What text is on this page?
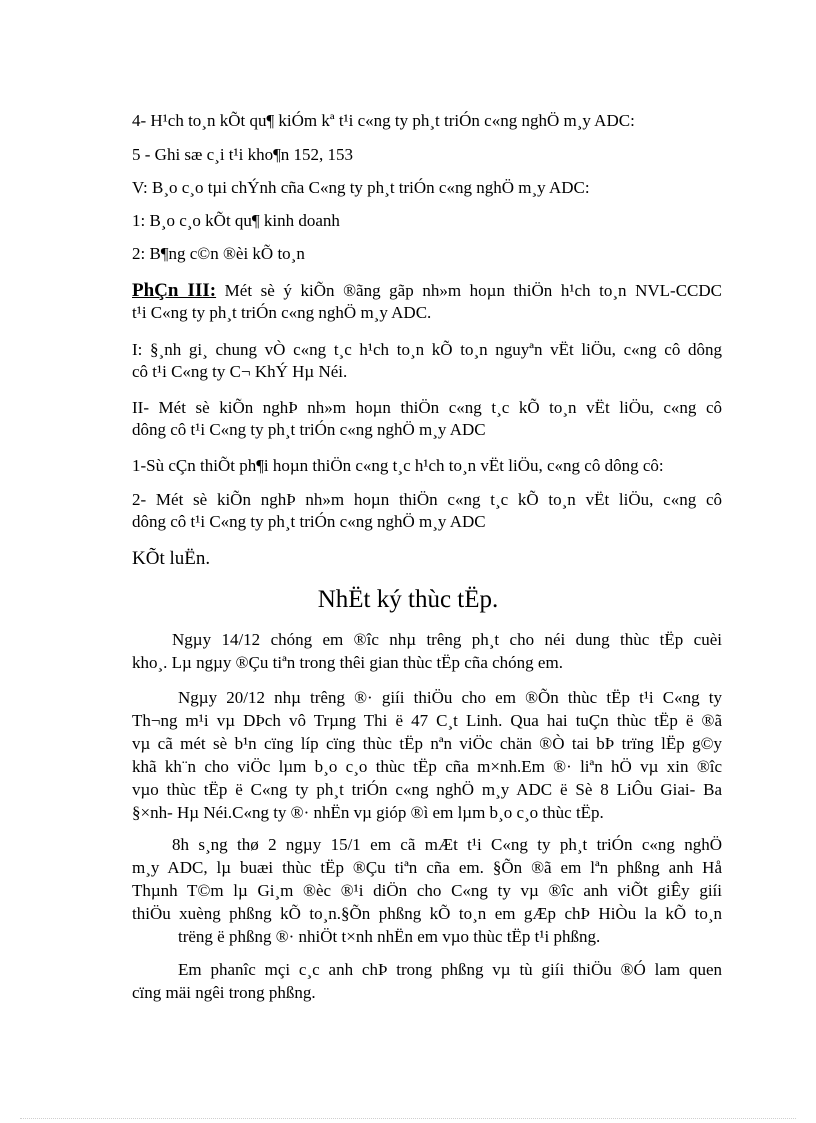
4- H¹ch to¸n kÕt qu¶ kiÓm kª t¹i c«ng ty ph¸t triÓn c«ng nghÖ m¸y ADC:

5 - Ghi sæ c¸i t¹i kho¶n 152, 153

V: B¸o c¸o tµi chÝnh cña C«ng ty ph¸t triÓn c«ng nghÖ m¸y ADC:

1: B¸o c¸o kÕt qu¶ kinh doanh

2: B¶ng c©n ®èi kÕ to¸n

PhÇn III: Mét sè ý kiÕn ®ãng gãp nh»m hoµn thiÖn h¹ch to¸n NVL-CCDC
t¹i C«ng ty ph¸t triÓn c«ng nghÖ m¸y ADC.
I: §¸nh gi¸ chung vÒ c«ng t¸c h¹ch to¸n kÕ to¸n nguyªn vËt liÖu, c«ng cô dông
cô t¹i C«ng ty C¬ KhÝ Hµ Néi.
II- Mét sè kiÕn nghÞ nh»m hoµn thiÖn c«ng t¸c kÕ to¸n vËt liÖu, c«ng cô
dông cô t¹i C«ng ty ph¸t triÓn c«ng nghÖ m¸y ADC

1-Sù cÇn thiÕt ph¶i hoµn thiÖn c«ng t¸c h¹ch to¸n vËt liÖu, c«ng cô dông cô:

2- Mét sè kiÕn nghÞ nh»m hoµn thiÖn c«ng t¸c kÕ to¸n vËt liÖu, c«ng cô
dông cô t¹i C«ng ty ph¸t triÓn c«ng nghÖ m¸y ADC

KÕt luËn.

NhËt ký thùc tËp.
Ngµy 14/12 chóng em ®îc nhµ trêng ph¸t cho néi dung thùc tËp cuèi
kho¸. Lµ ngµy ®Çu tiªn trong thêi gian thùc tËp cña chóng em.
Ngµy 20/12 nhµ trêng ®· giíi thiÖu cho em ®Õn thùc tËp t¹i C«ng ty
Th¬ng m¹i vµ DÞch vô Trµng Thi ë 47 C¸t Linh. Qua hai tuÇn thùc tËp ë ®ã
vµ cã mét sè b¹n cïng líp cïng thùc tËp nªn viÖc chän ®Ò tai bÞ trïng lËp g©y
khã kh¨n cho viÖc lµm b¸o c¸o thùc tËp cña m×nh.Em ®· liªn hÖ vµ xin ®îc
vµo thùc tËp ë C«ng ty ph¸t triÓn c«ng nghÖ m¸y ADC ë Sè 8 LiÔu Giai- Ba
§×nh- Hµ Néi.C«ng ty ®· nhËn vµ gióp ®ì em lµm b¸o c¸o thùc tËp.
8h s¸ng thø 2 ngµy 15/1 em cã mÆt t¹i C«ng ty ph¸t triÓn c«ng nghÖ
m¸y ADC, lµ buæi thùc tËp ®Çu tiªn cña em. §Õn ®ã em lªn phßng anh Hå
Thµnh T©m lµ Gi¸m ®èc ®¹i diÖn cho C«ng ty vµ ®îc anh viÕt giÊy giíi
thiÖu xuèng phßng kÕ to¸n.§Õn phßng kÕ to¸n em gÆp chÞ HiÒu la kÕ to¸n
trëng ë phßng ®· nhiÖt t×nh nhËn em vµo thùc tËp t¹i phßng.
Em phanîc mçi c¸c anh chÞ trong phßng vµ tù giíi thiÖu ®Ó lam quen
cïng mäi ngêi trong phßng.
